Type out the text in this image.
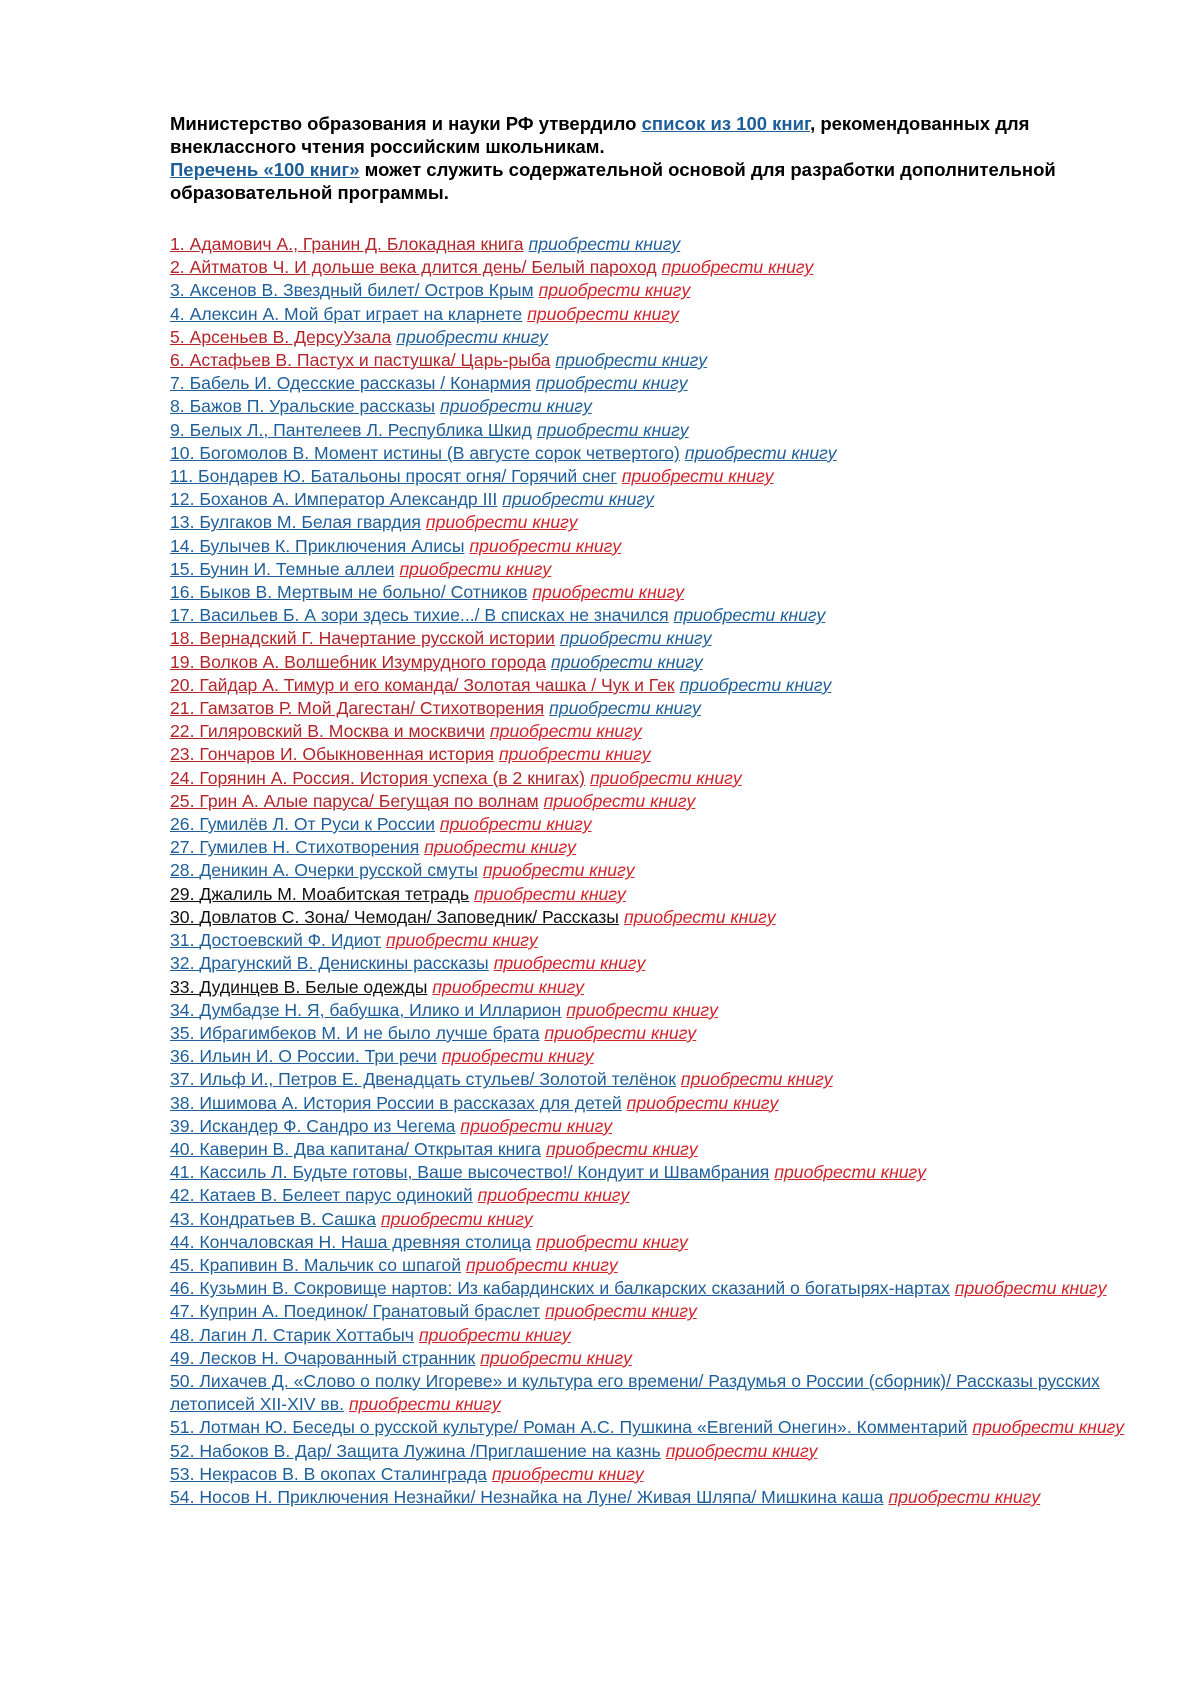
Министерство образования и науки РФ утвердило список из 100 книг, рекомендованных для внеклассного чтения российским школьникам.
Перечень «100 книг» может служить содержательной основой для разработки дополнительной образовательной программы.
1. Адамович А., Гранин Д. Блокадная книга приобрести книгу
2. Айтматов Ч. И дольше века длится день/ Белый пароход приобрести книгу
3. Аксенов В. Звездный билет/ Остров Крым приобрести книгу
4. Алексин А. Мой брат играет на кларнете приобрести книгу
5. Арсеньев В. ДерсуУзала приобрести книгу
6. Астафьев В. Пастух и пастушка/ Царь-рыба приобрести книгу
7. Бабель И. Одесские рассказы / Конармия приобрести книгу
8. Бажов П. Уральские рассказы приобрести книгу
9. Белых Л., Пантелеев Л. Республика Шкид приобрести книгу
10. Богомолов В. Момент истины (В августе сорок четвертого) приобрести книгу
11. Бондарев Ю. Батальоны просят огня/ Горячий снег приобрести книгу
12. Боханов А. Император Александр III приобрести книгу
13. Булгаков М. Белая гвардия приобрести книгу
14. Булычев К. Приключения Алисы приобрести книгу
15. Бунин И. Темные аллеи приобрести книгу
16. Быков В. Мертвым не больно/ Сотников приобрести книгу
17. Васильев Б. А зори здесь тихие.../ В списках не значился приобрести книгу
18. Вернадский Г. Начертание русской истории приобрести книгу
19. Волков А. Волшебник Изумрудного города приобрести книгу
20. Гайдар А. Тимур и его команда/ Золотая чашка / Чук и Гек приобрести книгу
21. Гамзатов Р. Мой Дагестан/ Стихотворения приобрести книгу
22. Гиляровский В. Москва и москвичи приобрести книгу
23. Гончаров И. Обыкновенная история приобрести книгу
24. Горянин А. Россия. История успеха (в 2 книгах) приобрести книгу
25. Грин А. Алые паруса/ Бегущая по волнам приобрести книгу
26. Гумилёв Л. От Руси к России приобрести книгу
27. Гумилев Н. Стихотворения приобрести книгу
28. Деникин А. Очерки русской смуты приобрести книгу
29. Джалиль М. Моабитская тетрадь приобрести книгу
30. Довлатов С. Зона/ Чемодан/ Заповедник/ Рассказы приобрести книгу
31. Достоевский Ф. Идиот приобрести книгу
32. Драгунский В. Денискины рассказы приобрести книгу
33. Дудинцев В. Белые одежды приобрести книгу
34. Думбадзе Н. Я, бабушка, Илико и Илларион приобрести книгу
35. Ибрагимбеков М. И не было лучше брата приобрести книгу
36. Ильин И. О России. Три речи приобрести книгу
37. Ильф И., Петров Е. Двенадцать стульев/ Золотой телёнок приобрести книгу
38. Ишимова А. История России в рассказах для детей приобрести книгу
39. Искандер Ф. Сандро из Чегема приобрести книгу
40. Каверин В. Два капитана/ Открытая книга приобрести книгу
41. Кассиль Л. Будьте готовы, Ваше высочество!/ Кондуит и Швамбрания приобрести книгу
42. Катаев В. Белеет парус одинокий приобрести книгу
43. Кондратьев В. Сашка приобрести книгу
44. Кончаловская Н. Наша древняя столица приобрести книгу
45. Крапивин В. Мальчик со шпагой приобрести книгу
46. Кузьмин В. Сокровище нартов: Из кабардинских и балкарских сказаний о богатырях-нартах приобрести книгу
47. Куприн А. Поединок/ Гранатовый браслет приобрести книгу
48. Лагин Л. Старик Хоттабыч приобрести книгу
49. Лесков Н. Очарованный странник приобрести книгу
50. Лихачев Д. «Слово о полку Игореве» и культура его времени/ Раздумья о России (сборник)/ Рассказы русских летописей XII-XIV вв. приобрести книгу
51. Лотман Ю. Беседы о русской культуре/ Роман А.С. Пушкина «Евгений Онегин». Комментарий приобрести книгу
52. Набоков В. Дар/ Защита Лужина /Приглашение на казнь приобрести книгу
53. Некрасов В. В окопах Сталинграда приобрести книгу
54. Носов Н. Приключения Незнайки/ Незнайка на Луне/ Живая Шляпа/ Мишкина каша приобрести книгу
